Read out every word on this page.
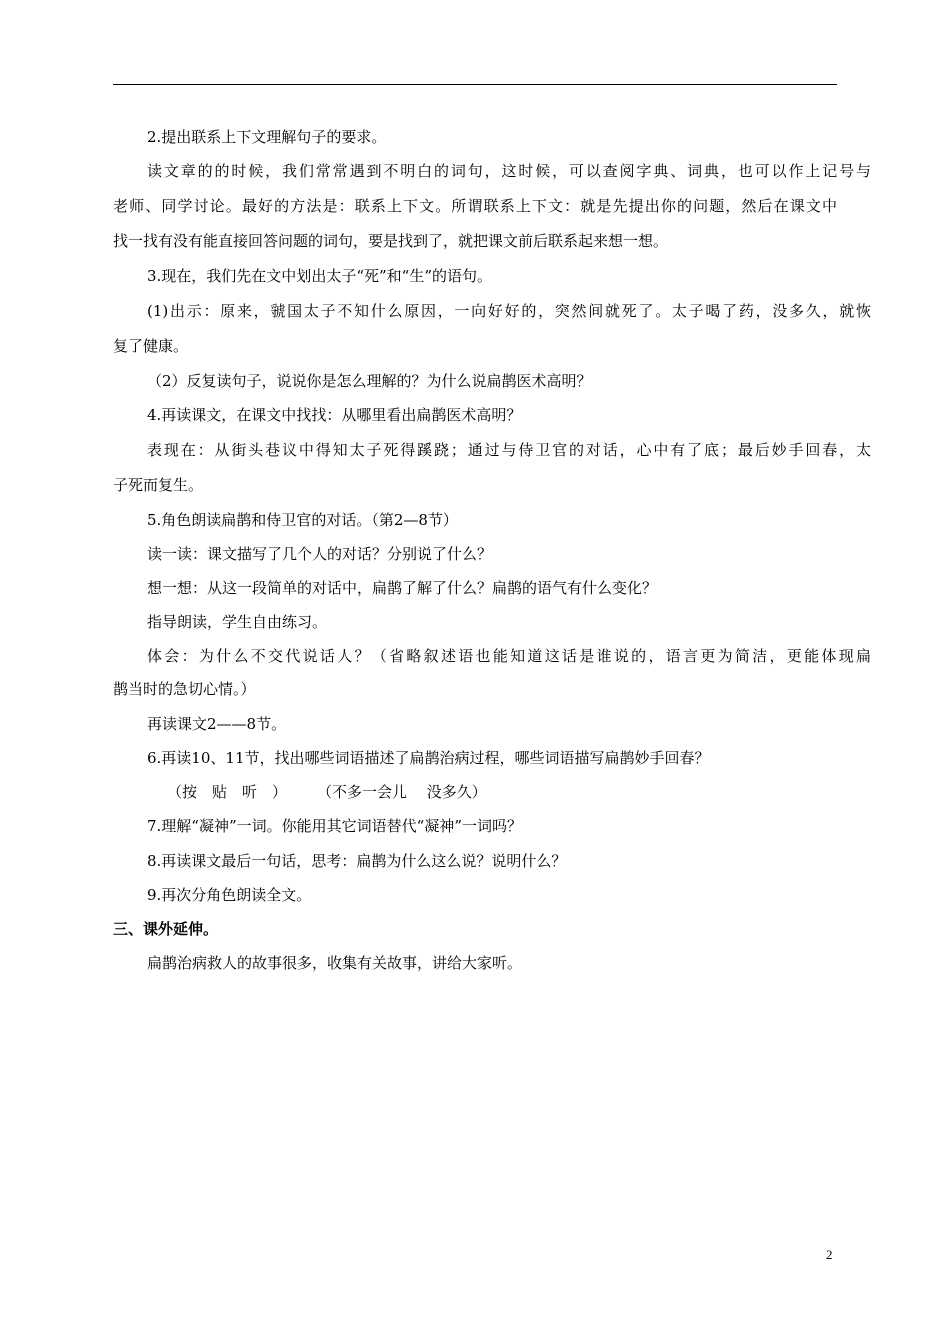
2.提出联系上下文理解句子的要求。
读文章的的时候，我们常常遇到不明白的词句，这时候，可以查阅字典、词典，也可以作上记号与
老师、同学讨论。最好的方法是：联系上下文。所谓联系上下文：就是先提出你的问题，然后在课文中
找一找有没有能直接回答问题的词句，要是找到了，就把课文前后联系起来想一想。
3.现在，我们先在文中划出太子“死”和“生”的语句。
(1)出示：原来，虢国太子不知什么原因，一向好好的，突然间就死了。太子喝了药，没多久，就恢
复了健康。
（2）反复读句子，说说你是怎么理解的？为什么说扁鹊医术高明？
4.再读课文，在课文中找找：从哪里看出扁鹊医术高明？
表现在：从街头巷议中得知太子死得蹊跷；通过与侍卫官的对话，心中有了底；最后妙手回春，太
子死而复生。
5.角色朗读扁鹊和侍卫官的对话。（第2—8节）
读一读：课文描写了几个人的对话？分别说了什么？
想一想：从这一段简单的对话中，扁鹊了解了什么？扁鹊的语气有什么变化？
指导朗读，学生自由练习。
体会：为什么不交代说话人？（省略叙述语也能知道这话是谁说的，语言更为简洁，更能体现扁
鹊当时的急切心情。）
再读课文2——8节。
6.再读10、11节，找出哪些词语描述了扁鹊治病过程，哪些词语描写扁鹊妙手回春？
（按　贴　听　）　　　（不多一会儿　 没多久）
7.理解“凝神”一词。你能用其它词语替代“凝神”一词吗？
8.再读课文最后一句话，思考：扁鹊为什么这么说？说明什么？
9.再次分角色朗读全文。
三、课外延伸。
扁鹊治病救人的故事很多，收集有关故事，讲给大家听。
2
